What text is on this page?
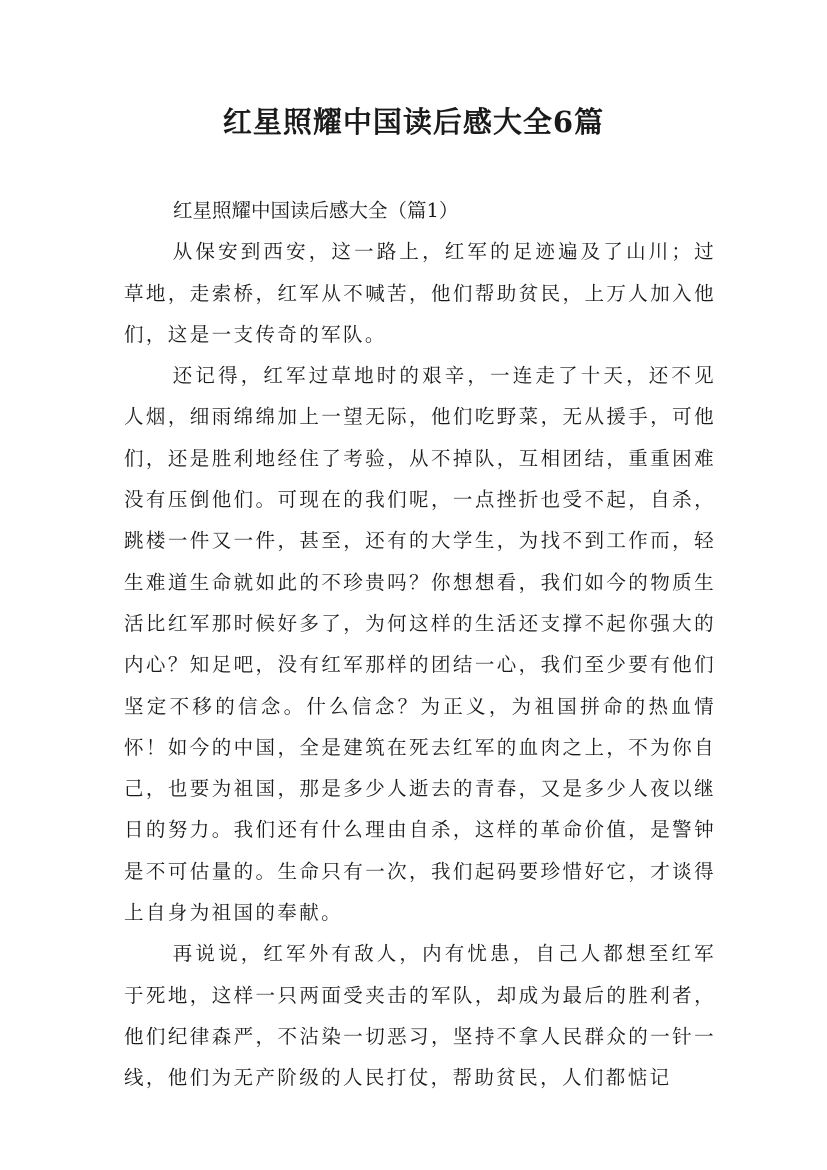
红星照耀中国读后感大全6篇

红星照耀中国读后感大全（篇1）

从保安到西安，这一路上，红军的足迹遍及了山川；过草地，走索桥，红军从不喊苦，他们帮助贫民，上万人加入他们，这是一支传奇的军队。

还记得，红军过草地时的艰辛，一连走了十天，还不见人烟，细雨绵绵加上一望无际，他们吃野菜，无从援手，可他们，还是胜利地经住了考验，从不掉队，互相团结，重重困难没有压倒他们。可现在的我们呢，一点挫折也受不起，自杀，跳楼一件又一件，甚至，还有的大学生，为找不到工作而，轻生难道生命就如此的不珍贵吗？你想想看，我们如今的物质生活比红军那时候好多了，为何这样的生活还支撑不起你强大的内心？知足吧，没有红军那样的团结一心，我们至少要有他们坚定不移的信念。什么信念？为正义，为祖国拼命的热血情怀！如今的中国，全是建筑在死去红军的血肉之上，不为你自己，也要为祖国，那是多少人逝去的青春，又是多少人夜以继日的努力。我们还有什么理由自杀，这样的革命价值，是警钟是不可估量的。生命只有一次，我们起码要珍惜好它，才谈得上自身为祖国的奉献。

再说说，红军外有敌人，内有忧患，自己人都想至红军于死地，这样一只两面受夹击的军队，却成为最后的胜利者，他们纪律森严，不沾染一切恶习，坚持不拿人民群众的一针一线，他们为无产阶级的人民打仗，帮助贫民，人们都惦记
